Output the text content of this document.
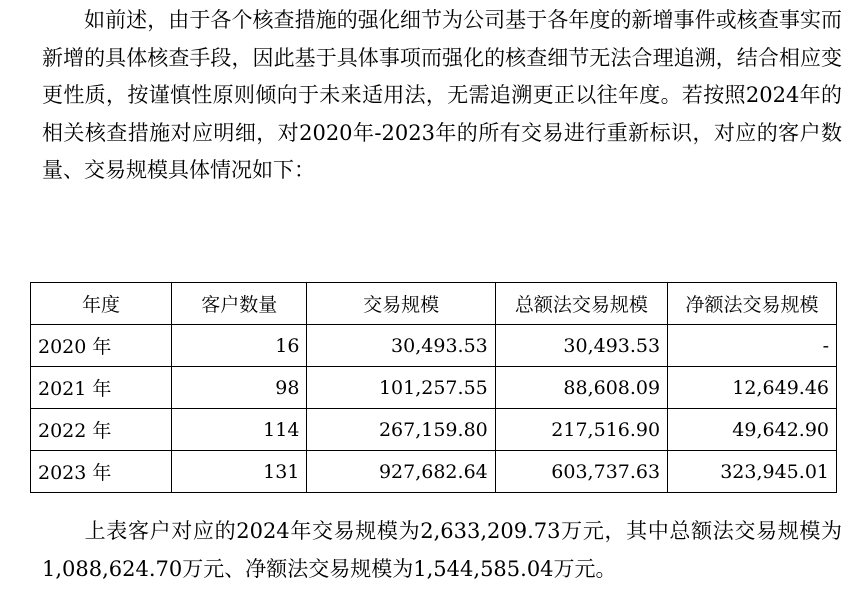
如前述，由于各个核查措施的强化细节为公司基于各年度的新增事件或核查事实而新增的具体核查手段，因此基于具体事项而强化的核查细节无法合理追溯，结合相应变更性质，按谨慎性原则倾向于未来适用法，无需追溯更正以往年度。若按照2024年的相关核查措施对应明细，对2020年-2023年的所有交易进行重新标识，对应的客户数量、交易规模具体情况如下：

年度	客户数量	交易规模	总额法交易规模	净额法交易规模
2020 年	16	30,493.53	30,493.53	-
2021 年	98	101,257.55	88,608.09	12,649.46
2022 年	114	267,159.80	217,516.90	49,642.90
2023 年	131	927,682.64	603,737.63	323,945.01

上表客户对应的2024年交易规模为2,633,209.73万元，其中总额法交易规模为1,088,624.70万元、净额法交易规模为1,544,585.04万元。
